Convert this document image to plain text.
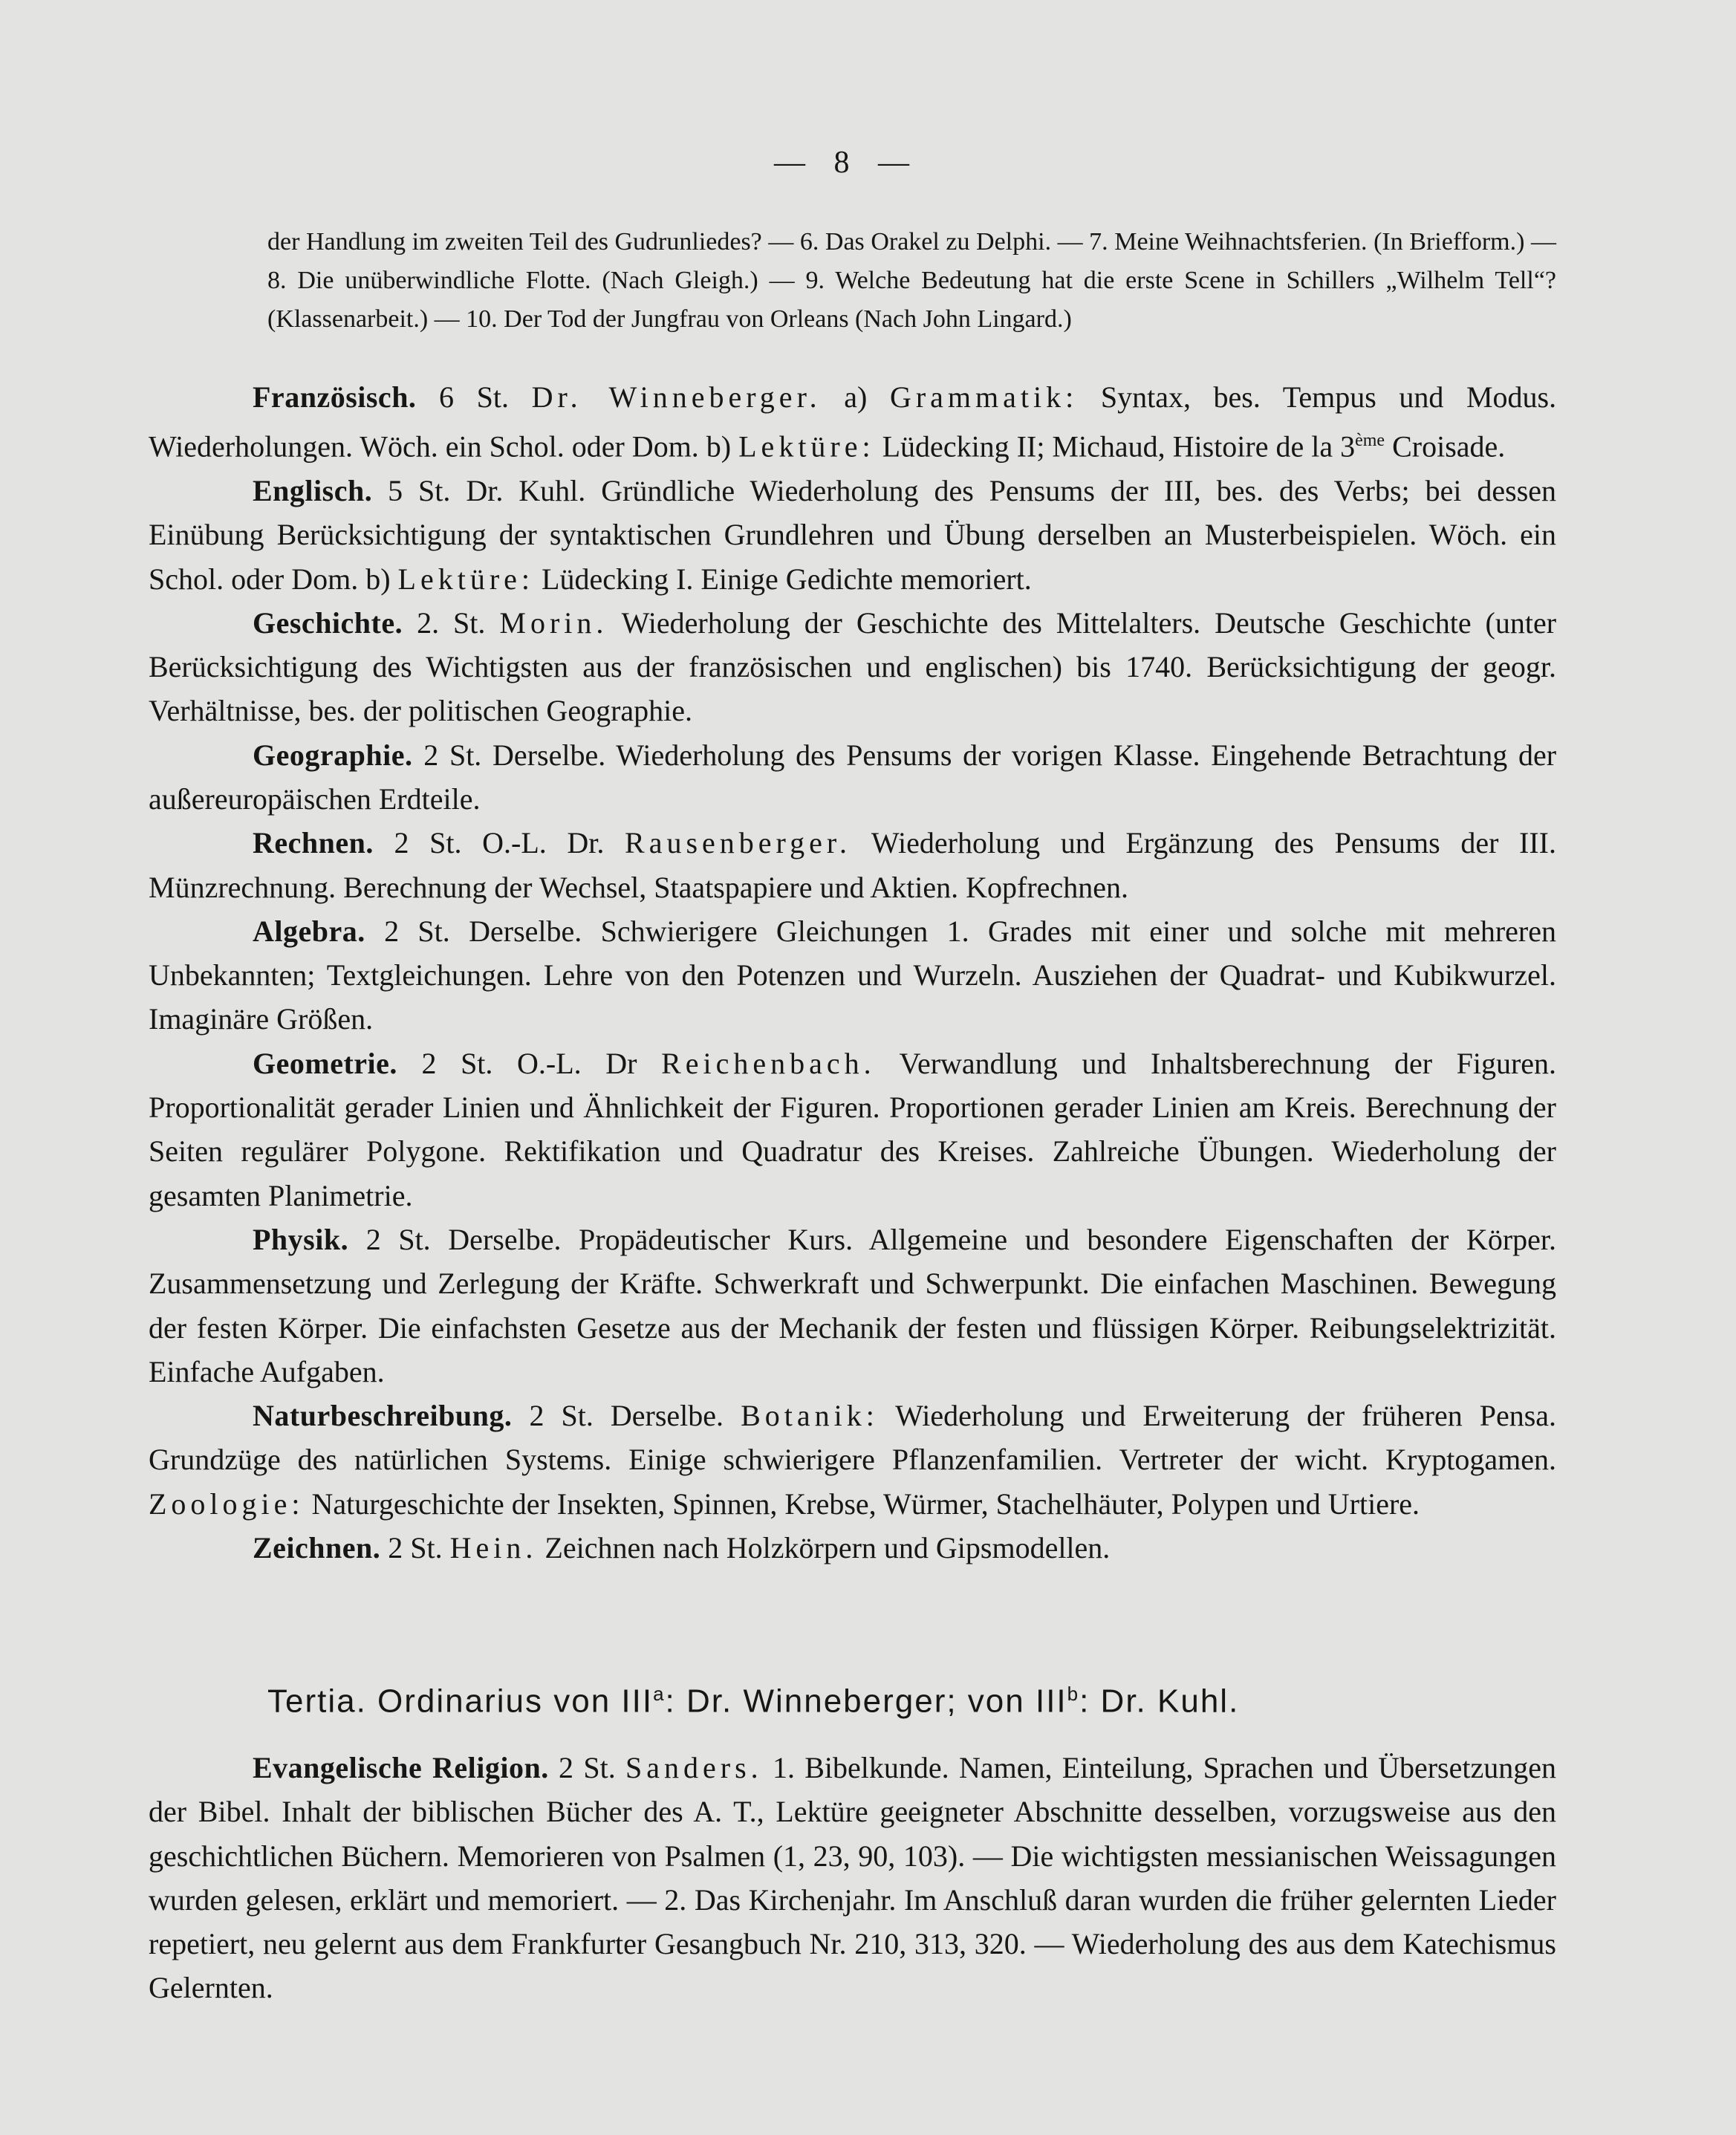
— 8 —
der Handlung im zweiten Teil des Gudrunliedes? — 6. Das Orakel zu Delphi. — 7. Meine Weihnachtsferien. (In Briefform.) — 8. Die unüberwindliche Flotte. (Nach Gleigh.) — 9. Welche Bedeutung hat die erste Scene in Schillers „Wilhelm Tell“? (Klassenarbeit.) — 10. Der Tod der Jungfrau von Orleans (Nach John Lingard.)

Französisch. 6 St. Dr. Winneberger. a) Grammatik: Syntax, bes. Tempus und Modus. Wiederholungen. Wöch. ein Schol. oder Dom. b) Lektüre: Lüdecking II; Michaud, Histoire de la 3ème Croisade.

Englisch. 5 St. Dr. Kuhl. Gründliche Wiederholung des Pensums der III, bes. des Verbs; bei dessen Einübung Berücksichtigung der syntaktischen Grundlehren und Übung derselben an Musterbeispielen. Wöch. ein Schol. oder Dom. b) Lektüre: Lüdecking I. Einige Gedichte memoriert.

Geschichte. 2. St. Morin. Wiederholung der Geschichte des Mittelalters. Deutsche Geschichte (unter Berücksichtigung des Wichtigsten aus der französischen und englischen) bis 1740. Berücksichtigung der geogr. Verhältnisse, bes. der politischen Geographie.

Geographie. 2 St. Derselbe. Wiederholung des Pensums der vorigen Klasse. Eingehende Betrachtung der außereuropäischen Erdteile.

Rechnen. 2 St. O.-L. Dr. Rausenberger. Wiederholung und Ergänzung des Pensums der III. Münzrechnung. Berechnung der Wechsel, Staatspapiere und Aktien. Kopfrechnen.

Algebra. 2 St. Derselbe. Schwierigere Gleichungen 1. Grades mit einer und solche mit mehreren Unbekannten; Textgleichungen. Lehre von den Potenzen und Wurzeln. Ausziehen der Quadrat- und Kubikwurzel. Imaginäre Größen.

Geometrie. 2 St. O.-L. Dr Reichenbach. Verwandlung und Inhaltsberechnung der Figuren. Proportionalität gerader Linien und Ähnlichkeit der Figuren. Proportionen gerader Linien am Kreis. Berechnung der Seiten regulärer Polygone. Rektifikation und Quadratur des Kreises. Zahlreiche Übungen. Wiederholung der gesamten Planimetrie.

Physik. 2 St. Derselbe. Propädeutischer Kurs. Allgemeine und besondere Eigenschaften der Körper. Zusammensetzung und Zerlegung der Kräfte. Schwerkraft und Schwerpunkt. Die einfachen Maschinen. Bewegung der festen Körper. Die einfachsten Gesetze aus der Mechanik der festen und flüssigen Körper. Reibungselektrizität. Einfache Aufgaben.

Naturbeschreibung. 2 St. Derselbe. Botanik: Wiederholung und Erweiterung der früheren Pensa. Grundzüge des natürlichen Systems. Einige schwierigere Pflanzenfamilien. Vertreter der wicht. Kryptogamen. Zoologie: Naturgeschichte der Insekten, Spinnen, Krebse, Würmer, Stachelhäuter, Polypen und Urtiere.

Zeichnen. 2 St. Hein. Zeichnen nach Holzkörpern und Gipsmodellen.

Tertia. Ordinarius von III$^a$: Dr. Winneberger; von III$^b$: Dr. Kuhl.

Evangelische Religion. 2 St. Sanders. 1. Bibelkunde. Namen, Einteilung, Sprachen und Übersetzungen der Bibel. Inhalt der biblischen Bücher des A. T., Lektüre geeigneter Abschnitte desselben, vorzugsweise aus den geschichtlichen Büchern. Memorieren von Psalmen (1, 23, 90, 103). — Die wichtigsten messianischen Weissagungen wurden gelesen, erklärt und memoriert. — 2. Das Kirchenjahr. Im Anschluß daran wurden die früher gelernten Lieder repetiert, neu gelernt aus dem Frankfurter Gesangbuch Nr. 210, 313, 320. — Wiederholung des aus dem Katechismus Gelernten.
